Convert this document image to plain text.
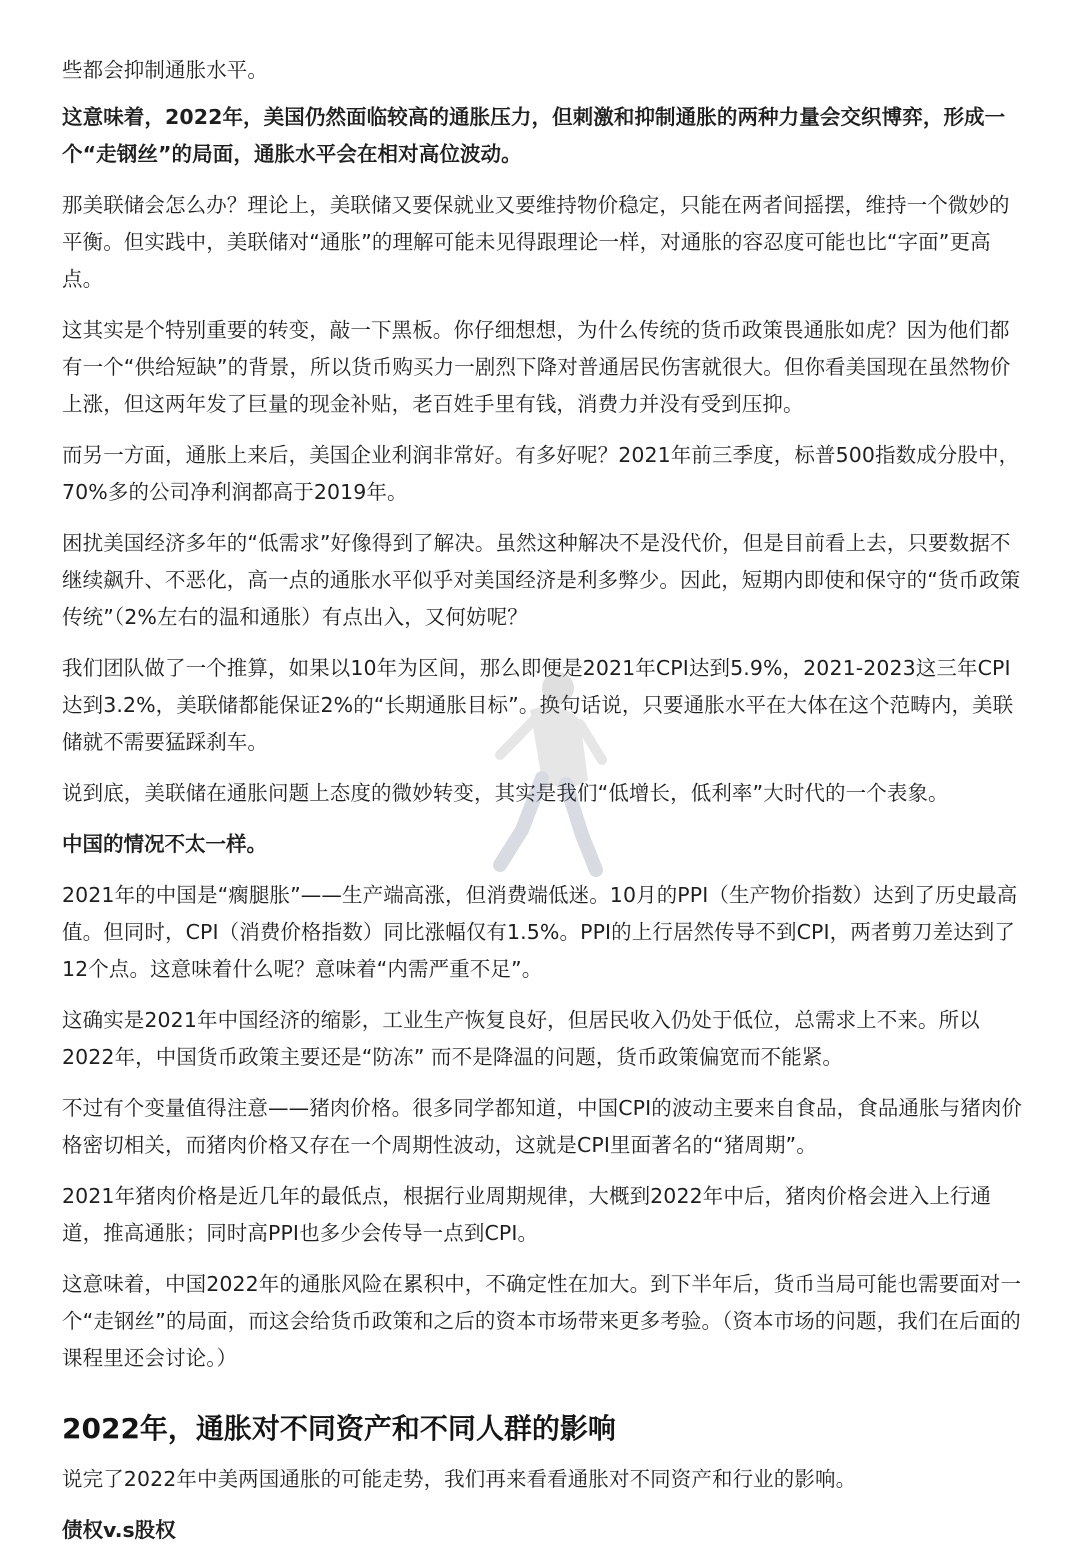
些都会抑制通胀水平。

这意味着，2022年，美国仍然面临较高的通胀压力，但刺激和抑制通胀的两种力量会交织博弈，形成一个“走钢丝”的局面，通胀水平会在相对高位波动。

那美联储会怎么办？理论上，美联储又要保就业又要维持物价稳定，只能在两者间摇摆，维持一个微妙的平衡。但实践中，美联储对“通胀”的理解可能未见得跟理论一样，对通胀的容忍度可能也比“字面”更高点。

这其实是个特别重要的转变，敲一下黑板。你仔细想想，为什么传统的货币政策畏通胀如虎？因为他们都有一个“供给短缺”的背景，所以货币购买力一剧烈下降对普通居民伤害就很大。但你看美国现在虽然物价上涨，但这两年发了巨量的现金补贴，老百姓手里有钱，消费力并没有受到压抑。

而另一方面，通胀上来后，美国企业利润非常好。有多好呢？2021年前三季度，标普500指数成分股中，70%多的公司净利润都高于2019年。

困扰美国经济多年的“低需求”好像得到了解决。虽然这种解决不是没代价，但是目前看上去，只要数据不继续飙升、不恶化，高一点的通胀水平似乎对美国经济是利多弊少。因此，短期内即使和保守的“货币政策传统”（2%左右的温和通胀）有点出入，又何妨呢？

我们团队做了一个推算，如果以10年为区间，那么即便是2021年CPI达到5.9%，2021-2023这三年CPI达到3.2%，美联储都能保证2%的“长期通胀目标”。换句话说，只要通胀水平在大体在这个范畴内，美联储就不需要猛踩刹车。

说到底，美联储在通胀问题上态度的微妙转变，其实是我们“低增长，低利率”大时代的一个表象。

中国的情况不太一样。

2021年的中国是“瘸腿胀”——生产端高涨，但消费端低迷。10月的PPI（生产物价指数）达到了历史最高值。但同时，CPI（消费价格指数）同比涨幅仅有1.5%。PPI的上行居然传导不到CPI，两者剪刀差达到了12个点。这意味着什么呢？意味着“内需严重不足”。

这确实是2021年中国经济的缩影，工业生产恢复良好，但居民收入仍处于低位，总需求上不来。所以2022年，中国货币政策主要还是“防冻” 而不是降温的问题，货币政策偏宽而不能紧。

不过有个变量值得注意——猪肉价格。很多同学都知道，中国CPI的波动主要来自食品，食品通胀与猪肉价格密切相关，而猪肉价格又存在一个周期性波动，这就是CPI里面著名的“猪周期”。

2021年猪肉价格是近几年的最低点，根据行业周期规律，大概到2022年中后，猪肉价格会进入上行通道，推高通胀；同时高PPI也多少会传导一点到CPI。

这意味着，中国2022年的通胀风险在累积中，不确定性在加大。到下半年后，货币当局可能也需要面对一个“走钢丝”的局面，而这会给货币政策和之后的资本市场带来更多考验。（资本市场的问题，我们在后面的课程里还会讨论。）

2022年，通胀对不同资产和不同人群的影响

说完了2022年中美两国通胀的可能走势，我们再来看看通胀对不同资产和行业的影响。

债权v.s股权
